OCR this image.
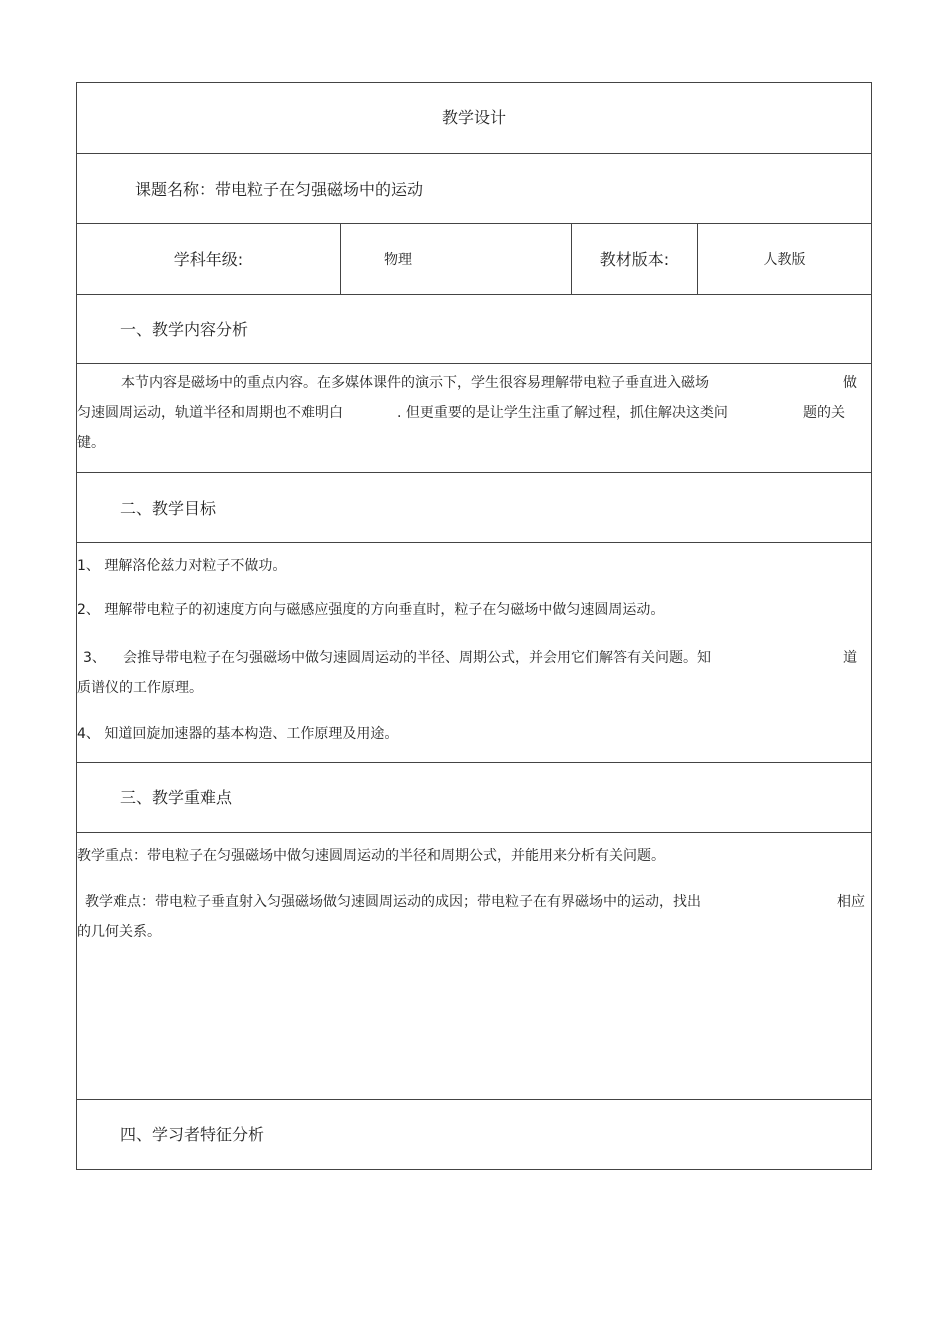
教学设计
课题名称：带电粒子在匀强磁场中的运动
学科年级:	物理	教材版本:	人教版
一、教学内容分析
本节内容是磁场中的重点内容。在多媒体课件的演示下，学生很容易理解带电粒子垂直进入磁场	做
匀速圆周运动，轨道半径和周期也不难明白	. 但更重要的是让学生注重了解过程，抓住解决这类问	题的关
键。
二、教学目标
1、 理解洛伦兹力对粒子不做功。
2、 理解带电粒子的初速度方向与磁感应强度的方向垂直时，粒子在匀磁场中做匀速圆周运动。
3、 会推导带电粒子在匀强磁场中做匀速圆周运动的半径、周期公式，并会用它们解答有关问题。知	道
质谱仪的工作原理。
4、 知道回旋加速器的基本构造、工作原理及用途。
三、教学重难点
教学重点：带电粒子在匀强磁场中做匀速圆周运动的半径和周期公式，并能用来分析有关问题。
教学难点：带电粒子垂直射入匀强磁场做匀速圆周运动的成因；带电粒子在有界磁场中的运动，找出	相应
的几何关系。
四、学习者特征分析
